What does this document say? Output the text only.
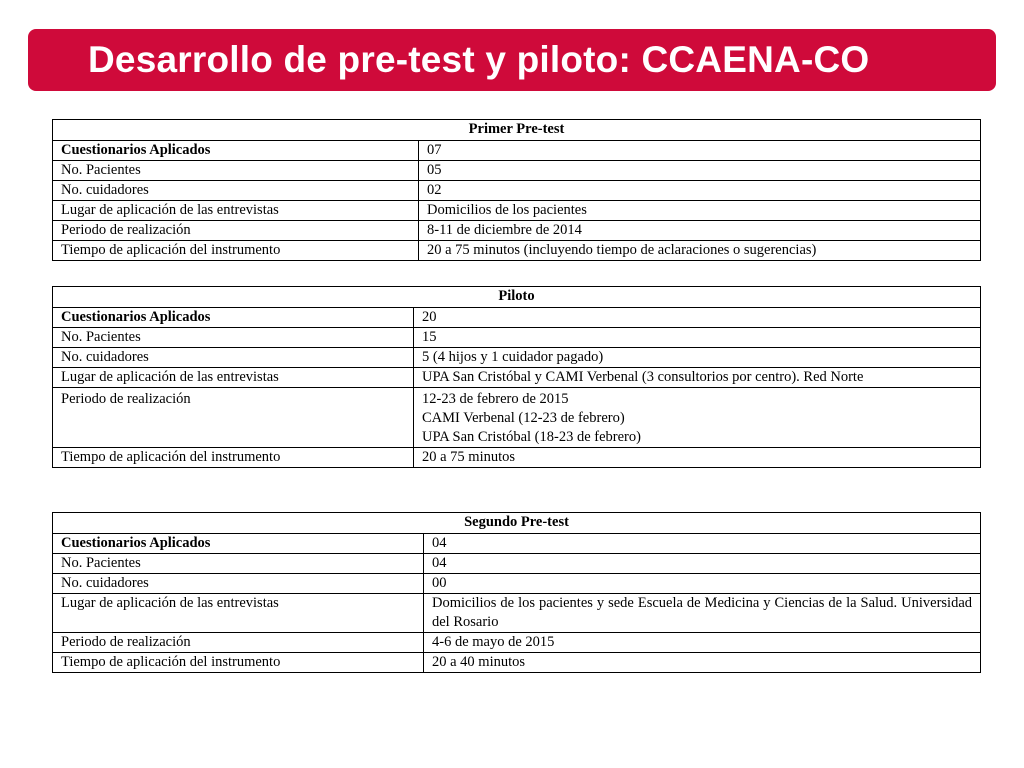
Desarrollo de pre-test y piloto: CCAENA-CO
Primer Pre-test	
Cuestionarios Aplicados	07
No. Pacientes	05
No. cuidadores	02
Lugar de aplicación de las entrevistas	Domicilios de los pacientes
Periodo de realización	8-11 de diciembre de 2014
Tiempo de aplicación del instrumento	20 a 75 minutos (incluyendo tiempo de aclaraciones o sugerencias)
Piloto	
Cuestionarios Aplicados	20
No. Pacientes	15
No. cuidadores	5 (4 hijos y 1 cuidador pagado)
Lugar de aplicación de las entrevistas	UPA San Cristóbal y CAMI Verbenal (3 consultorios por centro). Red Norte
Periodo de realización	12-23 de febrero de 2015
CAMI Verbenal (12-23 de febrero)
UPA San Cristóbal (18-23 de febrero)

Tiempo de aplicación del instrumento	20 a 75 minutos
Segundo Pre-test	
Cuestionarios Aplicados	04
No. Pacientes	04
No. cuidadores	00
Lugar de aplicación de las entrevistas	Domicilios de los pacientes y sede Escuela de Medicina y Ciencias de la Salud. Universidad del Rosario
Periodo de realización	4-6 de mayo de 2015
Tiempo de aplicación del instrumento	20 a 40 minutos
